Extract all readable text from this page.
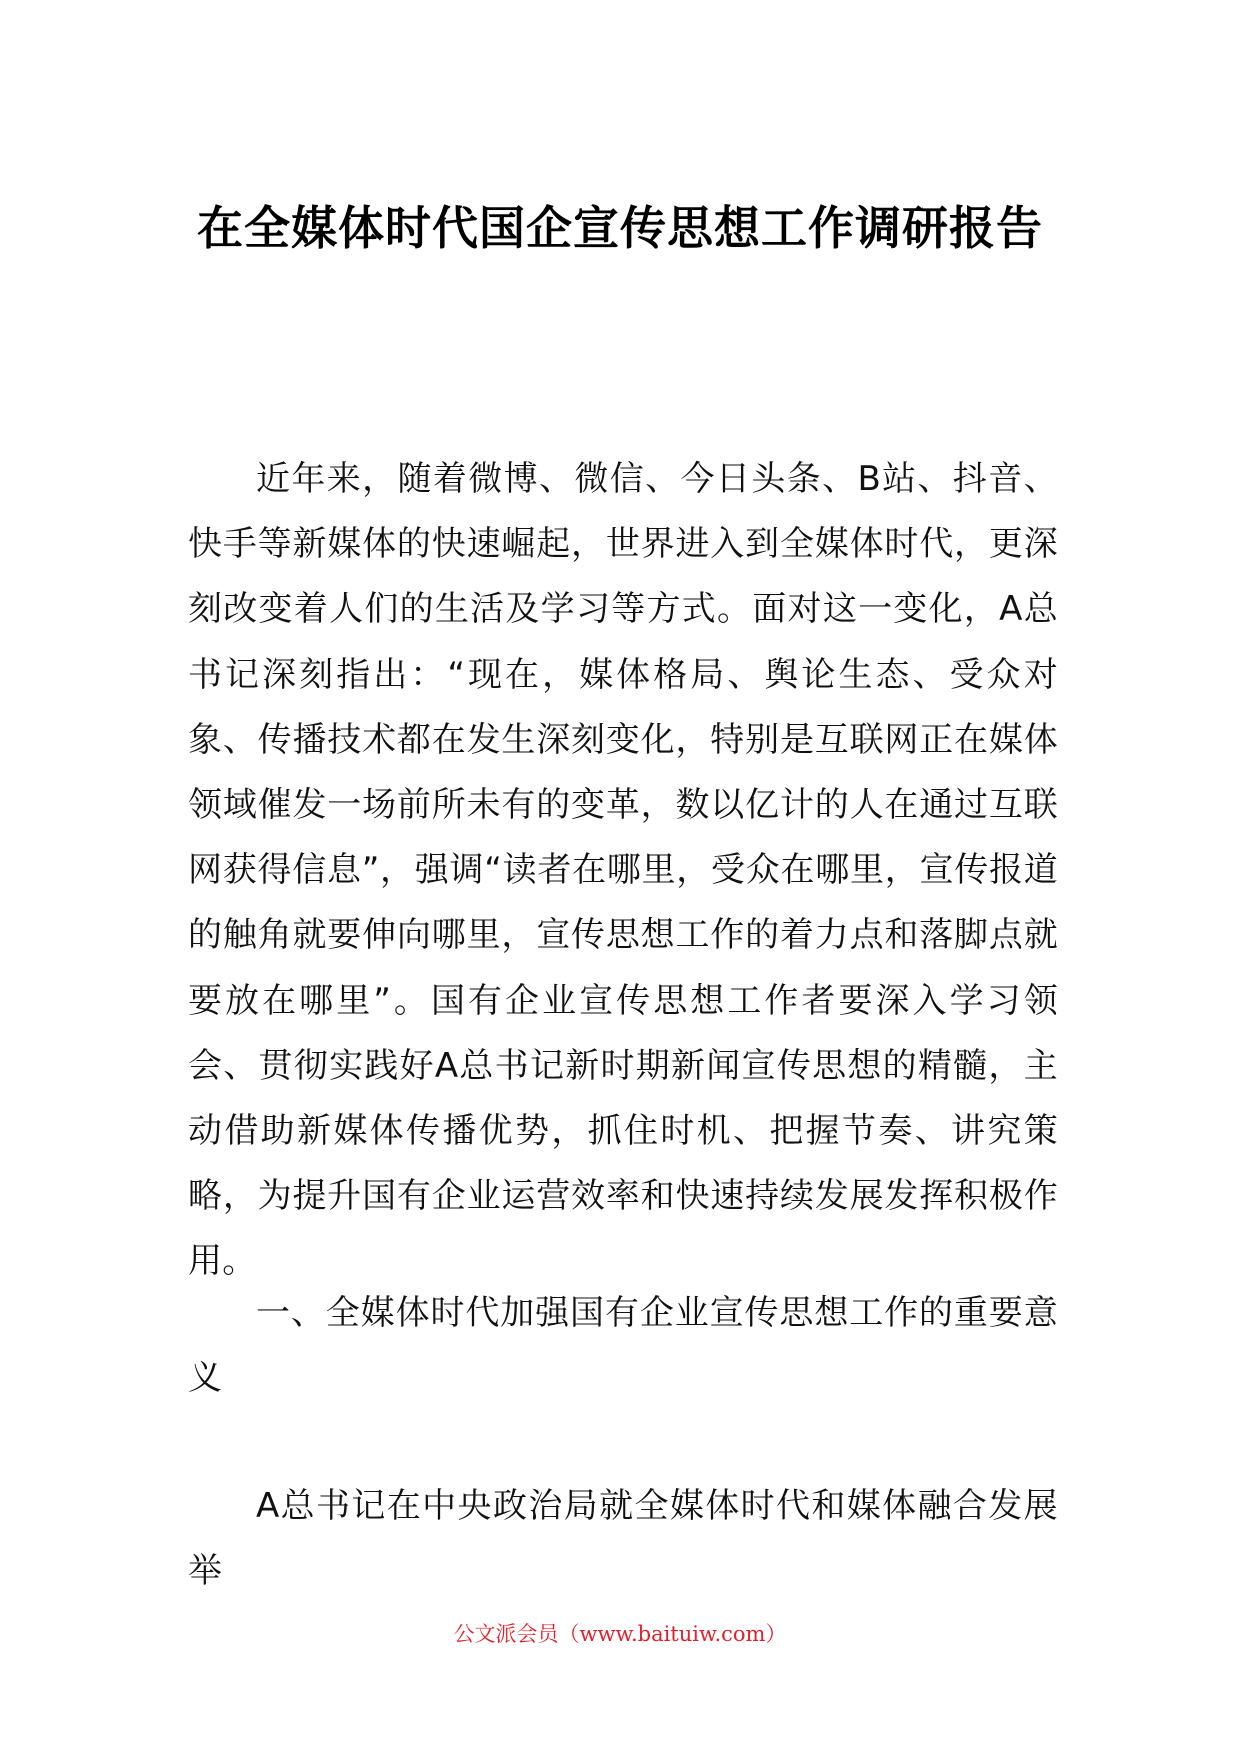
在全媒体时代国企宣传思想工作调研报告

近年来，随着微博、微信、今日头条、B站、抖音、快手等新媒体的快速崛起，世界进入到全媒体时代，更深刻改变着人们的生活及学习等方式。面对这一变化，A总书记深刻指出：“现在，媒体格局、舆论生态、受众对象、传播技术都在发生深刻变化，特别是互联网正在媒体领域催发一场前所未有的变革，数以亿计的人在通过互联网获得信息”，强调“读者在哪里，受众在哪里，宣传报道的触角就要伸向哪里，宣传思想工作的着力点和落脚点就要放在哪里”。国有企业宣传思想工作者要深入学习领会、贯彻实践好A总书记新时期新闻宣传思想的精髓，主动借助新媒体传播优势，抓住时机、把握节奏、讲究策略，为提升国有企业运营效率和快速持续发展发挥积极作用。

一、全媒体时代加强国有企业宣传思想工作的重要意义

A总书记在中央政治局就全媒体时代和媒体融合发展举

公文派会员（www.baituiw.com）
